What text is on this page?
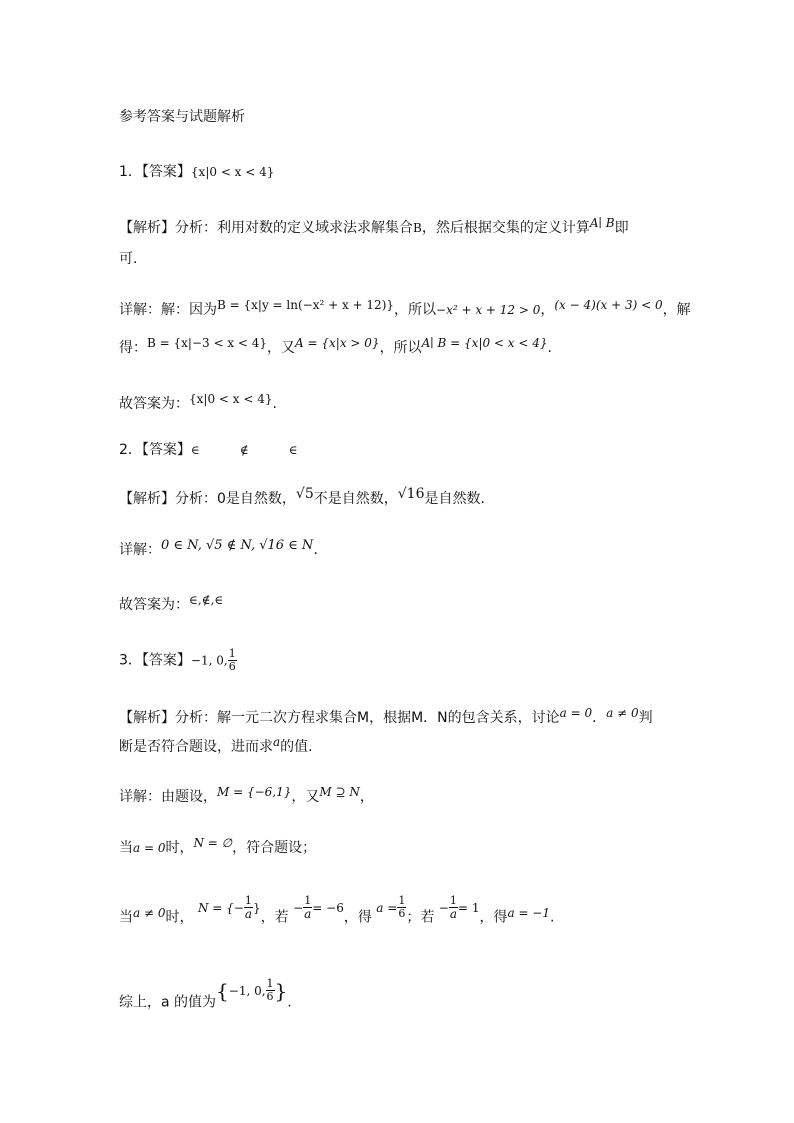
参考答案与试题解析
1．【答案】{x|0 < x < 4}
【解析】分析：利用对数的定义域求法求解集合B，然后根据交集的定义计算A∣ B即
可.
详解：解：因为B = {x|y = ln(−x² + x + 12)}，所以−x² + x + 12 > 0，(x − 4)(x + 3) < 0，解
得：B = {x|−3 < x < 4}，又A = {x|x > 0}，所以A∣ B = {x|0 < x < 4}.
故答案为：{x|0 < x < 4}.
2．【答案】∈	∉	∈
【解析】分析：0是自然数，√5不是自然数，√16是自然数.
详解：0 ∈ N, √5 ∉ N, √16 ∈ N.
故答案为：∈,∉,∈
3．【答案】−1, 0, $\frac{1}{6}$
【解析】分析：解一元二次方程求集合M，根据M．N的包含关系，讨论a = 0．a ≠ 0判
断是否符合题设，进而求a的值.
详解：由题设，M = {−6,1}，又M ⊇ N，
当a = 0时，N = ∅，符合题设；
当a ≠ 0时， N = {− $\frac{1}{a}$ }，若 − $\frac{1}{a} = -6$，得 $a = \frac{1}{6}$ ；若 − $\frac{1}{a} = 1$，得a = −1.
综上，a 的值为{−1, 0, $\frac{1}{6}$ }.
